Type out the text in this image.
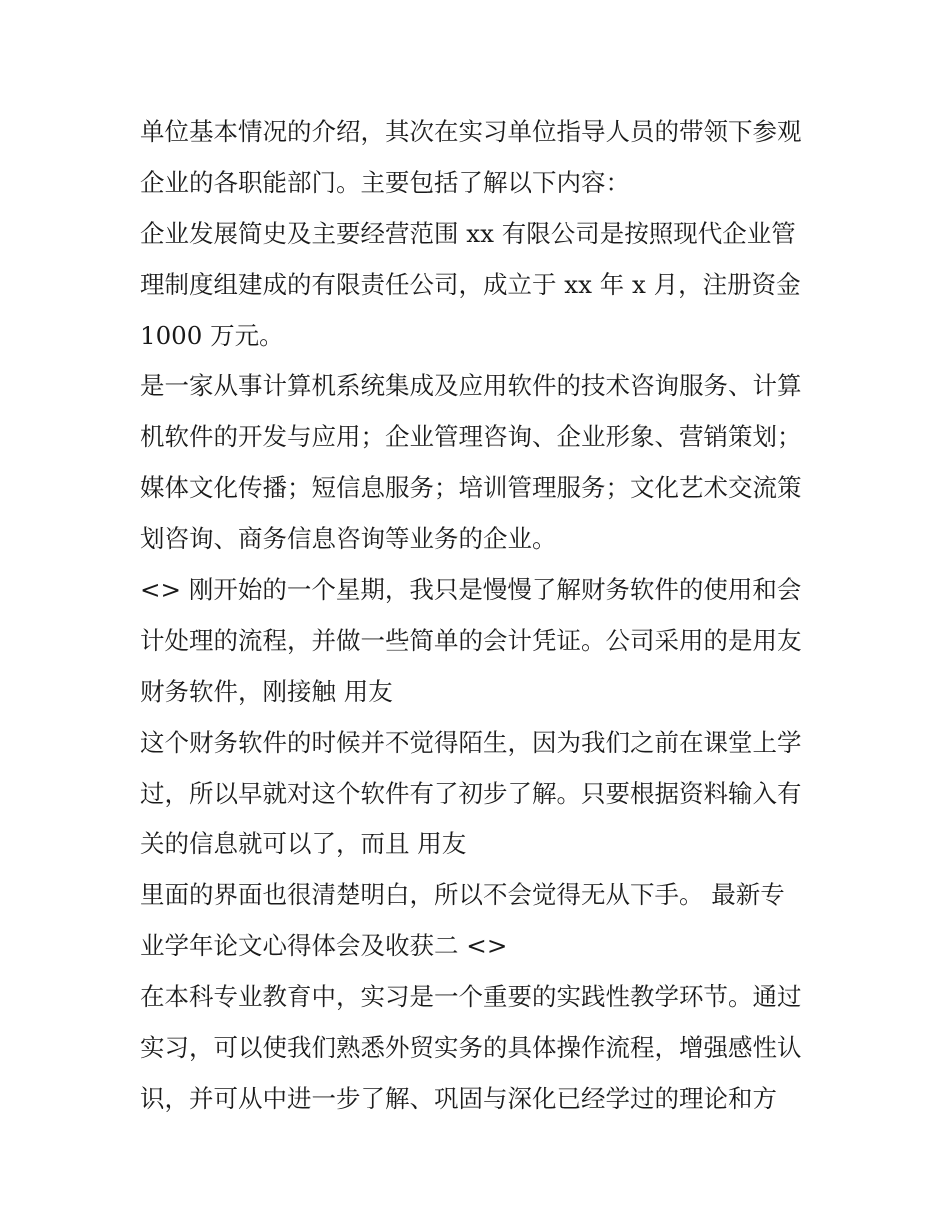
单位基本情况的介绍，其次在实习单位指导人员的带领下参观
企业的各职能部门。主要包括了解以下内容：
企业发展简史及主要经营范围 xx 有限公司是按照现代企业管
理制度组建成的有限责任公司，成立于 xx 年 x 月，注册资金
1000 万元。
是一家从事计算机系统集成及应用软件的技术咨询服务、计算
机软件的开发与应用；企业管理咨询、企业形象、营销策划；
媒体文化传播；短信息服务；培训管理服务；文化艺术交流策
划咨询、商务信息咨询等业务的企业。
<> 刚开始的一个星期，我只是慢慢了解财务软件的使用和会
计处理的流程，并做一些简单的会计凭证。公司采用的是用友
财务软件，刚接触 用友
这个财务软件的时候并不觉得陌生，因为我们之前在课堂上学
过，所以早就对这个软件有了初步了解。只要根据资料输入有
关的信息就可以了，而且 用友
里面的界面也很清楚明白，所以不会觉得无从下手。 最新专
业学年论文心得体会及收获二 <>
在本科专业教育中，实习是一个重要的实践性教学环节。通过
实习，可以使我们熟悉外贸实务的具体操作流程，增强感性认
识，并可从中进一步了解、巩固与深化已经学过的理论和方
